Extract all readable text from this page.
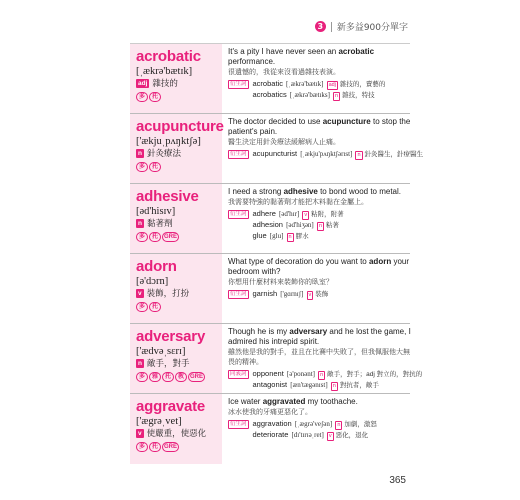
3	新多益900分單字
acrobatic
[ˌækrə'bætɪk]
adj 雜技的
多	托
It's a pity I have never seen an acrobatic performance.
很遺憾的，我從來沒看過雜技表演。
衍生詞 acrobatic [ˌækrə'bætɪk] adj 雜技的，賣藝的
acrobatics [ˌækrə'bætɪks] n 雜技，特技
acupuncture
['ækjuˌpʌŋktʃə]
n 針灸療法
多	托
The doctor decided to use acupuncture to stop the patient's pain.
醫生決定用針灸療法緩解病人止痛。
衍生詞 acupuncturist [ˌækju'pʌŋktʃərɪst] n 針灸醫生，針療醫生
adhesive
[əd'hisɪv]
n 黏著劑
多	托	GRE
I need a strong adhesive to bond wood to metal.
我需要特強的黏著劑才能把木料黏在金屬上。
衍生詞 adhere [əd'hɪr] v 粘附，附著
adhesion [əd'hiʒən] n 粘著
glue [glu] n 膠水
adorn
[ə'dɔrn]
v 裝飾，打扮
多	托
What type of decoration do you want to adorn your bedroom with?
你想用什麼材料來裝飾你的臥室？
衍生詞 garnish ['gɑrnɪʃ] v 裝飾
adversary
['ædvəˌsɛrɪ]
n 敵手，對手
多	雅	托	教	GRE
Though he is my adversary and he lost the game, I admired his intrepid spirit.
雖然他是我的對手，並且在比賽中失敗了，但我佩服他大無畏的精神。
同義詞 opponent [ə'ponənt] n 敵手，對手；adj 對立的，對抗的
antagonist [æn'tægənɪst] n 對抗者，敵手
aggravate
['ægrəˌvet]
v 使嚴重，使惡化
多	托	GRE
Ice water aggravated my toothache.
冰水使我的牙痛更惡化了。
衍生詞 aggravation [ˌægrə'veʃən] n 加劇，激怒
deteriorate [dɪ'tɪrɪəˌret] v 惡化，退化
365
